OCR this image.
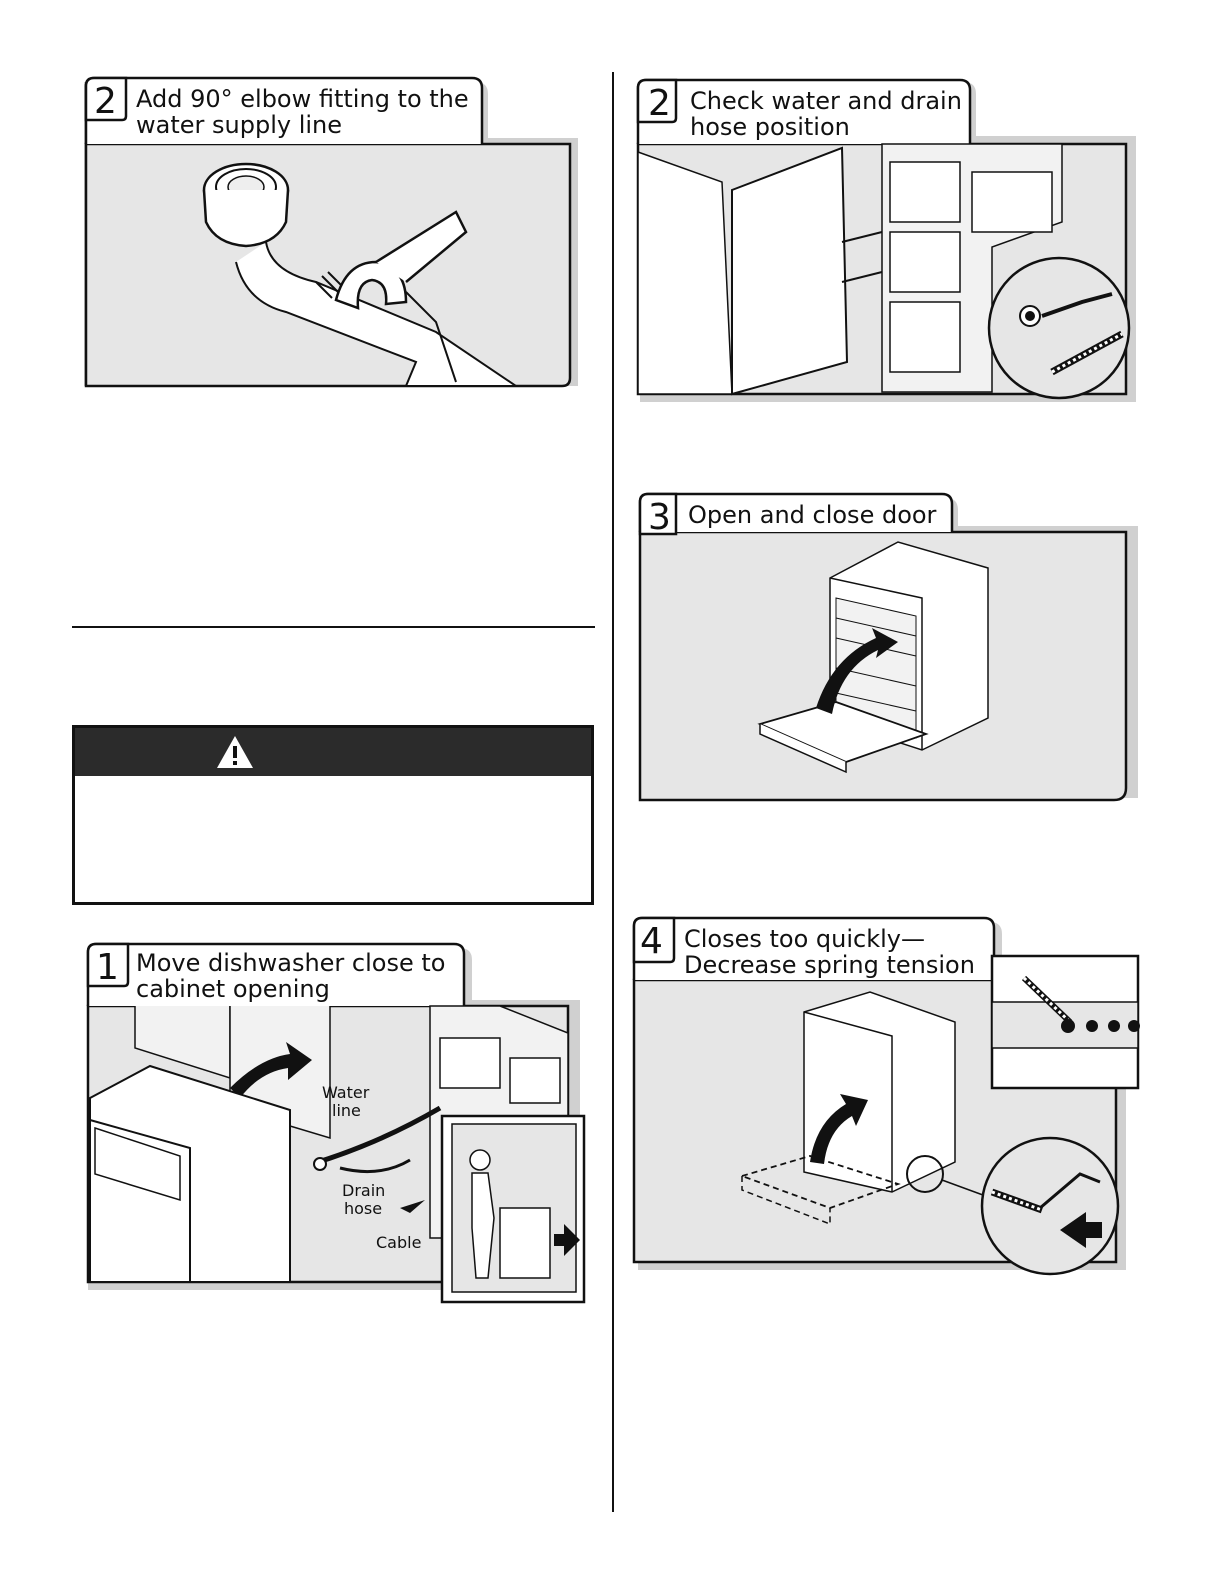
2 Add 90° elbow fitting to the
water supply line
1 Move dishwasher close to
cabinet opening
Water
line
Drain
hose
Cable
2 Check water and drain
hose position
3 Open and close door
4 Closes too quickly—
Decrease spring tension
